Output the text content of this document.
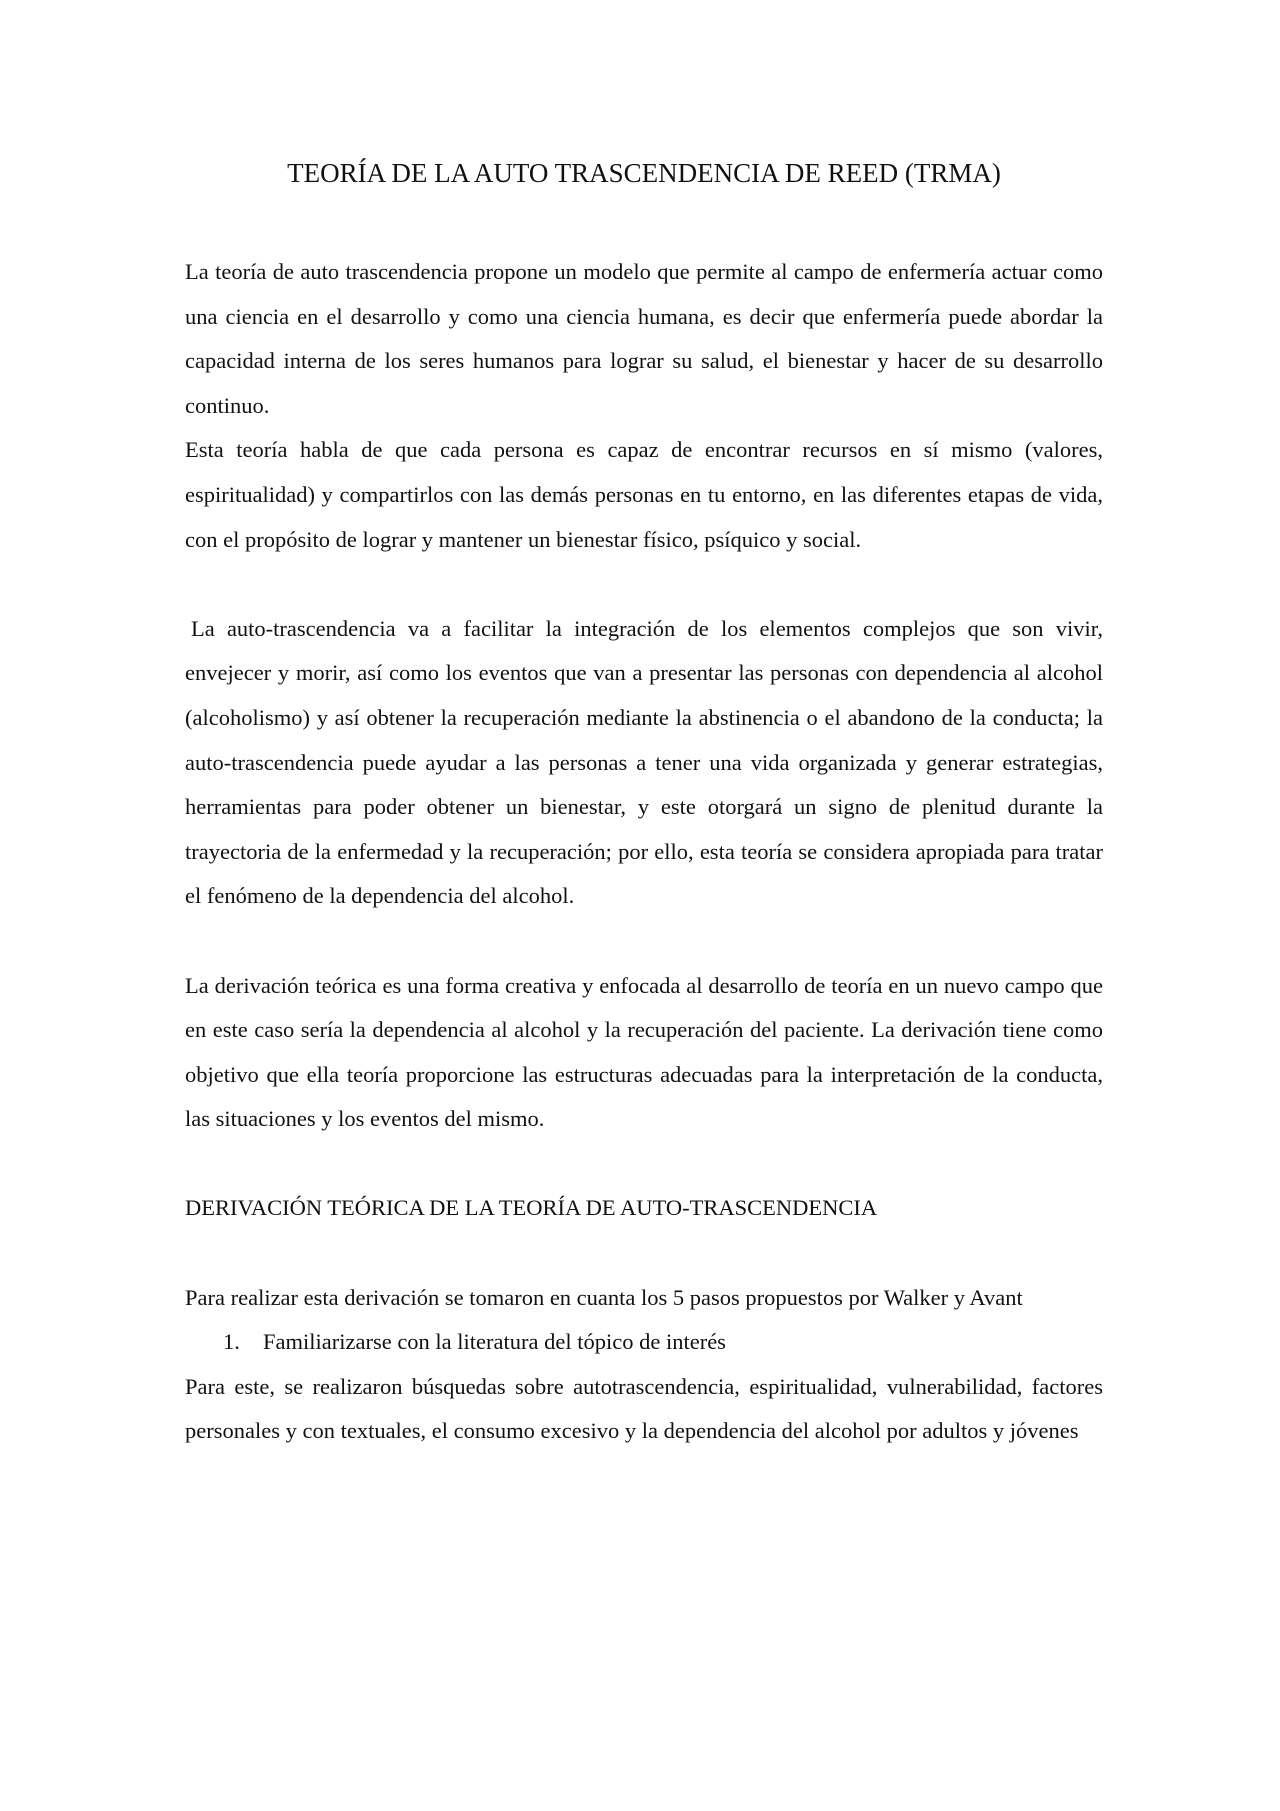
TEORÍA DE LA AUTO TRASCENDENCIA DE REED (TRMA)

La teoría de auto trascendencia propone un modelo que permite al campo de enfermería actuar como una ciencia en el desarrollo y como una ciencia humana, es decir que enfermería puede abordar la capacidad interna de los seres humanos para lograr su salud, el bienestar y hacer de su desarrollo continuo.

Esta teoría habla de que cada persona es capaz de encontrar recursos en sí mismo (valores, espiritualidad) y compartirlos con las demás personas en tu entorno, en las diferentes etapas de vida, con el propósito de lograr y mantener un bienestar físico, psíquico y social.

La auto-trascendencia va a facilitar la integración de los elementos complejos que son vivir, envejecer y morir, así como los eventos que van a presentar las personas con dependencia al alcohol (alcoholismo) y así obtener la recuperación mediante la abstinencia o el abandono de la conducta; la auto-trascendencia puede ayudar a las personas a tener una vida organizada y generar estrategias, herramientas para poder obtener un bienestar, y este otorgará un signo de plenitud durante la trayectoria de la enfermedad y la recuperación; por ello, esta teoría se considera apropiada para tratar el fenómeno de la dependencia del alcohol.

La derivación teórica es una forma creativa y enfocada al desarrollo de teoría en un nuevo campo que en este caso sería la dependencia al alcohol y la recuperación del paciente. La derivación tiene como objetivo que ella teoría proporcione las estructuras adecuadas para la interpretación de la conducta, las situaciones y los eventos del mismo.

DERIVACIÓN TEÓRICA DE LA TEORÍA DE AUTO-TRASCENDENCIA

Para realizar esta derivación se tomaron en cuanta los 5 pasos propuestos por Walker y Avant

1. Familiarizarse con la literatura del tópico de interés

Para este, se realizaron búsquedas sobre autotrascendencia, espiritualidad, vulnerabilidad, factores personales y con textuales, el consumo excesivo y la dependencia del alcohol por adultos y jóvenes
